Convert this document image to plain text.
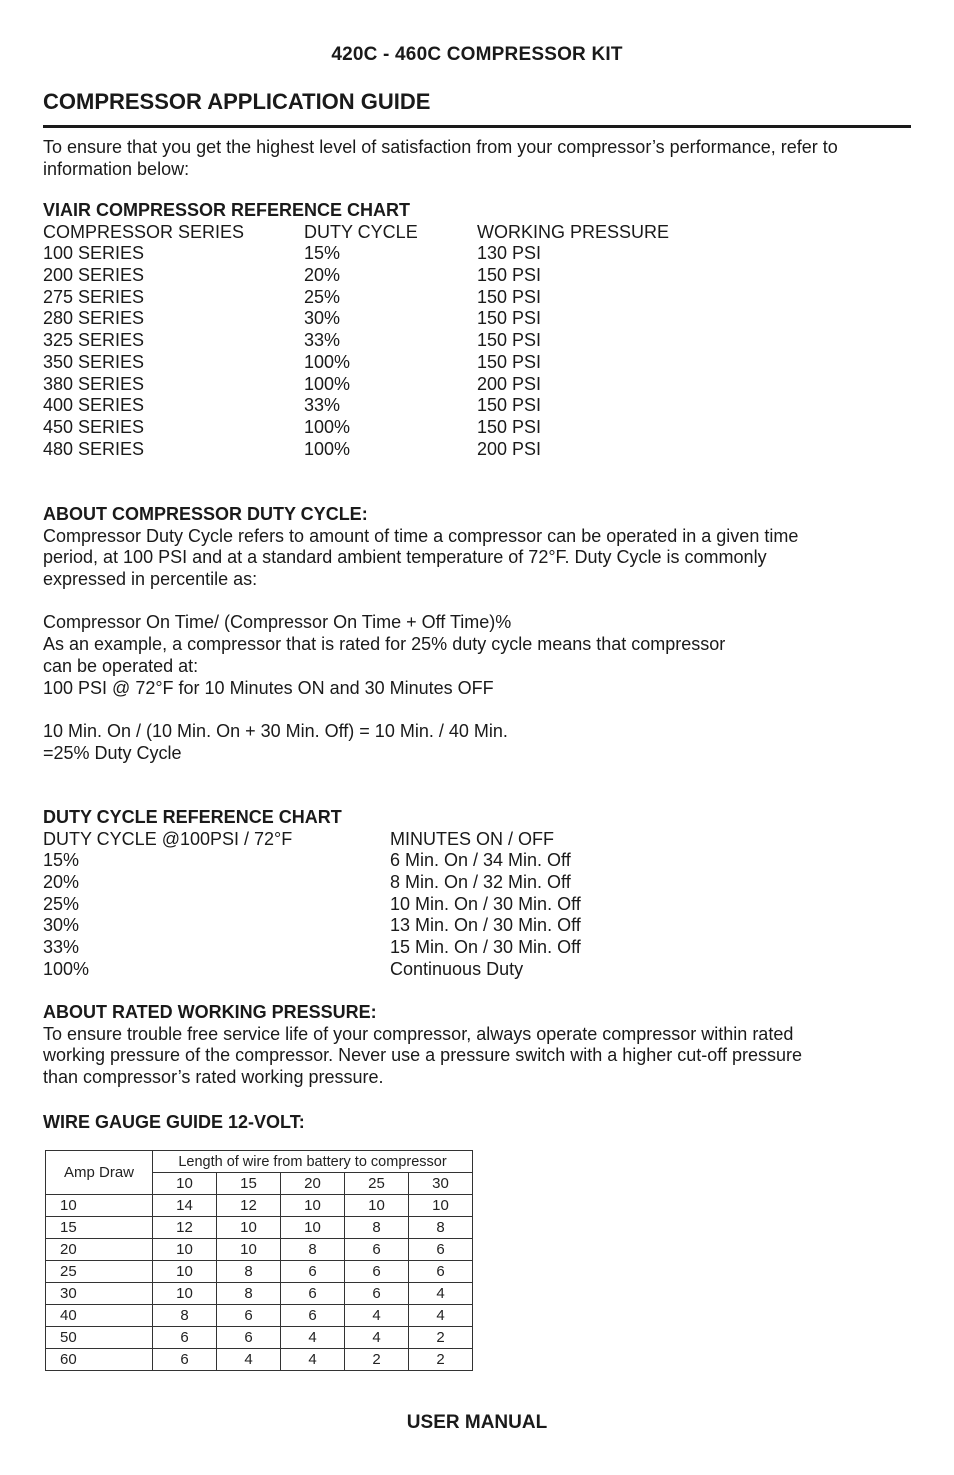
420C - 460C COMPRESSOR KIT
COMPRESSOR APPLICATION GUIDE
To ensure that you get the highest level of satisfaction from your compressor’s performance, refer to information below:
VIAIR COMPRESSOR REFERENCE CHART
COMPRESSOR SERIES	DUTY CYCLE	WORKING PRESSURE
100 SERIES	15%	130 PSI
200 SERIES	20%	150 PSI
275 SERIES	25%	150 PSI
280 SERIES	30%	150 PSI
325 SERIES	33%	150 PSI
350 SERIES	100%	150 PSI
380 SERIES	100%	200 PSI
400 SERIES	33%	150 PSI
450 SERIES	100%	150 PSI
480 SERIES	100%	200 PSI
ABOUT COMPRESSOR DUTY CYCLE:
Compressor Duty Cycle refers to amount of time a compressor can be operated in a given time
period, at 100 PSI and at a standard ambient temperature of 72°F. Duty Cycle is commonly
expressed in percentile as:
Compressor On Time/ (Compressor On Time + Off Time)%
As an example, a compressor that is rated for 25% duty cycle means that compressor
can be operated at:
100 PSI @ 72°F for 10 Minutes ON and 30 Minutes OFF
10 Min. On / (10 Min. On + 30 Min. Off) = 10 Min. / 40 Min.
=25% Duty Cycle
DUTY CYCLE REFERENCE CHART
DUTY CYCLE @100PSI / 72°F	MINUTES ON / OFF
15%	6 Min. On / 34 Min. Off
20%	8 Min. On / 32 Min. Off
25%	10 Min. On / 30 Min. Off
30%	13 Min. On / 30 Min. Off
33%	15 Min. On / 30 Min. Off
100%	Continuous Duty
ABOUT RATED WORKING PRESSURE:
To ensure trouble free service life of your compressor, always operate compressor within rated
working pressure of the compressor. Never use a pressure switch with a higher cut-off pressure
than compressor’s rated working pressure.
WIRE GAUGE GUIDE 12-VOLT:
Amp Draw	Length of wire from battery to compressor				
	10	15	20	25	30
10	14	12	10	10	10
15	12	10	10	8	8
20	10	10	8	6	6
25	10	8	6	6	6
30	10	8	6	6	4
40	8	6	6	4	4
50	6	6	4	4	2
60	6	4	4	2	2
USER MANUAL
